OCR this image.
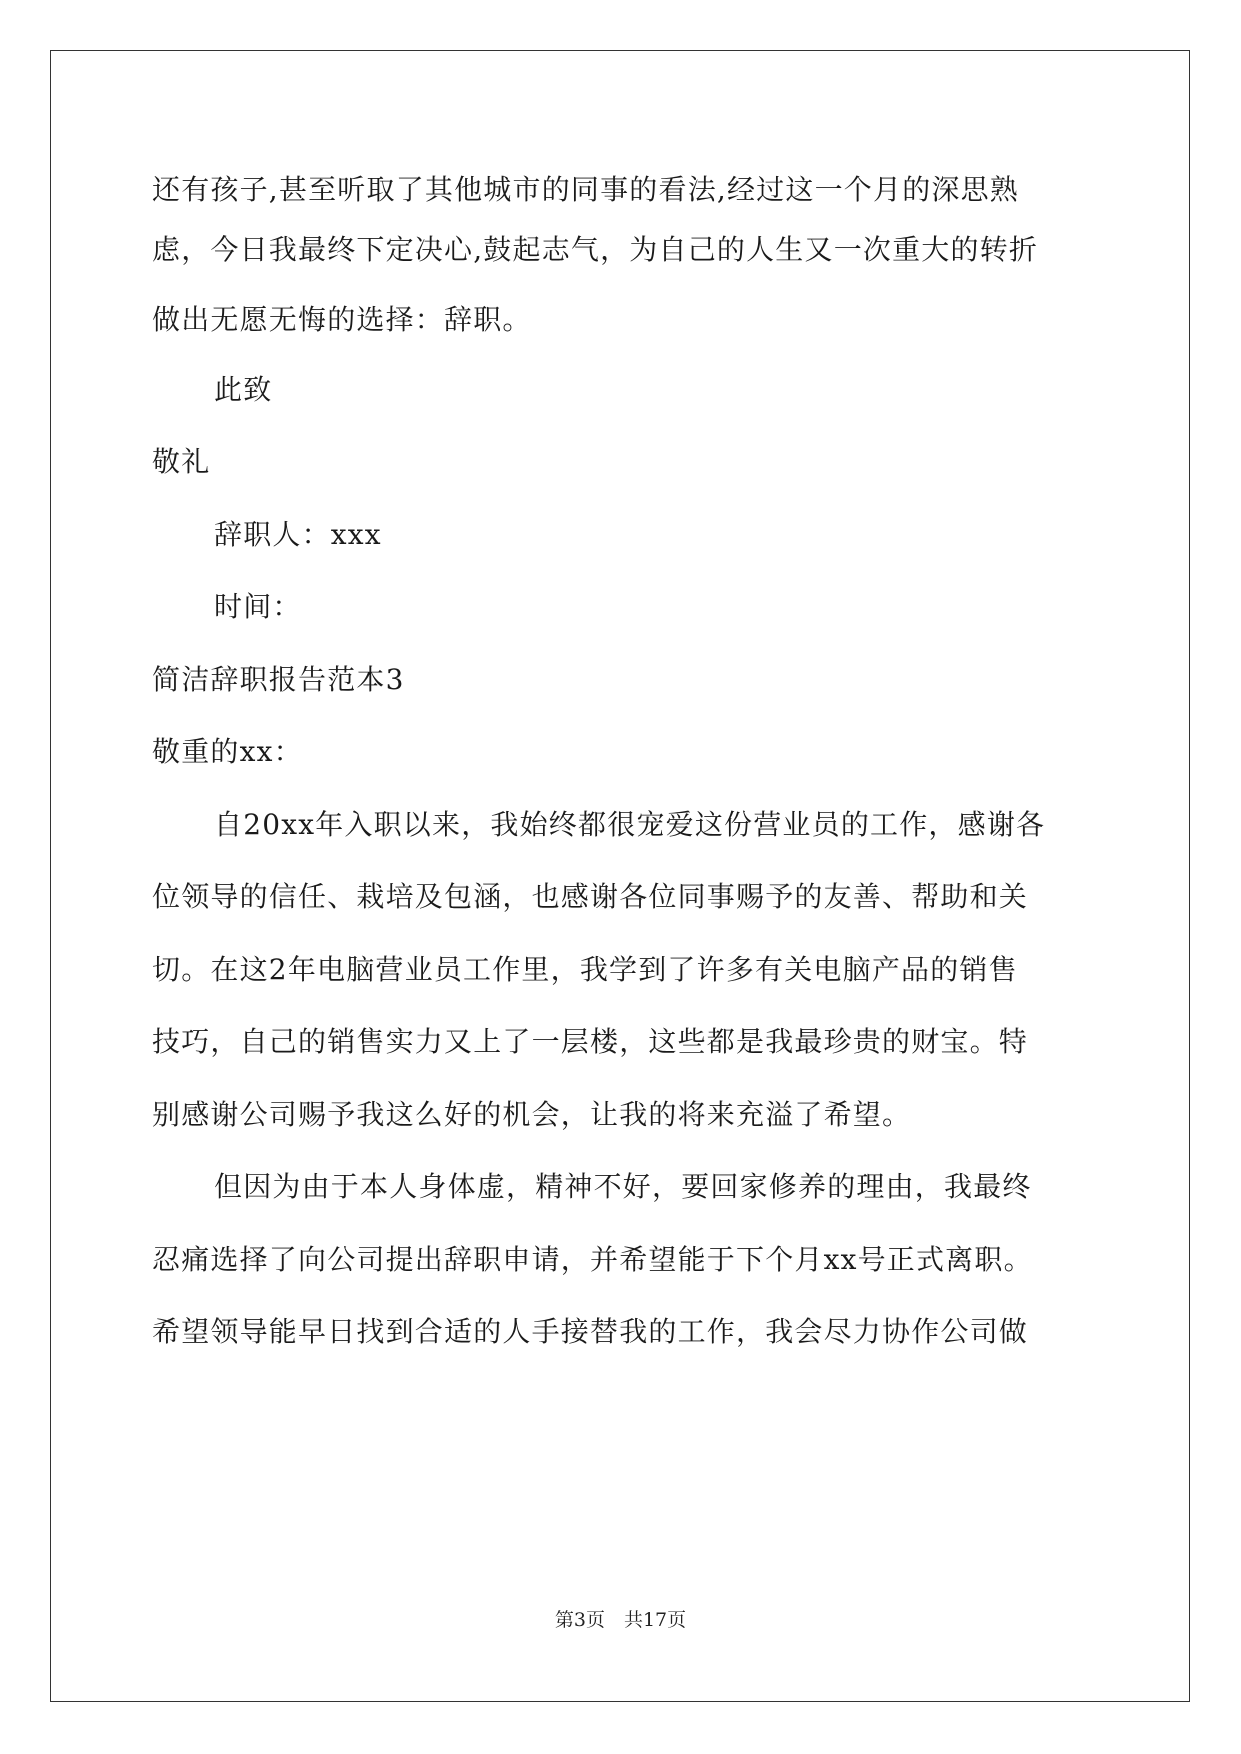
还有孩子,甚至听取了其他城市的同事的看法,经过这一个月的深思熟
虑，今日我最终下定决心,鼓起志气，为自己的人生又一次重大的转折
做出无愿无悔的选择：辞职。
此致
敬礼
辞职人：xxx
时间：
简洁辞职报告范本3
敬重的xx：
自20xx年入职以来，我始终都很宠爱这份营业员的工作，感谢各
位领导的信任、栽培及包涵，也感谢各位同事赐予的友善、帮助和关
切。在这2年电脑营业员工作里，我学到了许多有关电脑产品的销售
技巧，自己的销售实力又上了一层楼，这些都是我最珍贵的财宝。特
别感谢公司赐予我这么好的机会，让我的将来充溢了希望。
但因为由于本人身体虚，精神不好，要回家修养的理由，我最终
忍痛选择了向公司提出辞职申请，并希望能于下个月xx号正式离职。
希望领导能早日找到合适的人手接替我的工作，我会尽力协作公司做
第3页　共17页
